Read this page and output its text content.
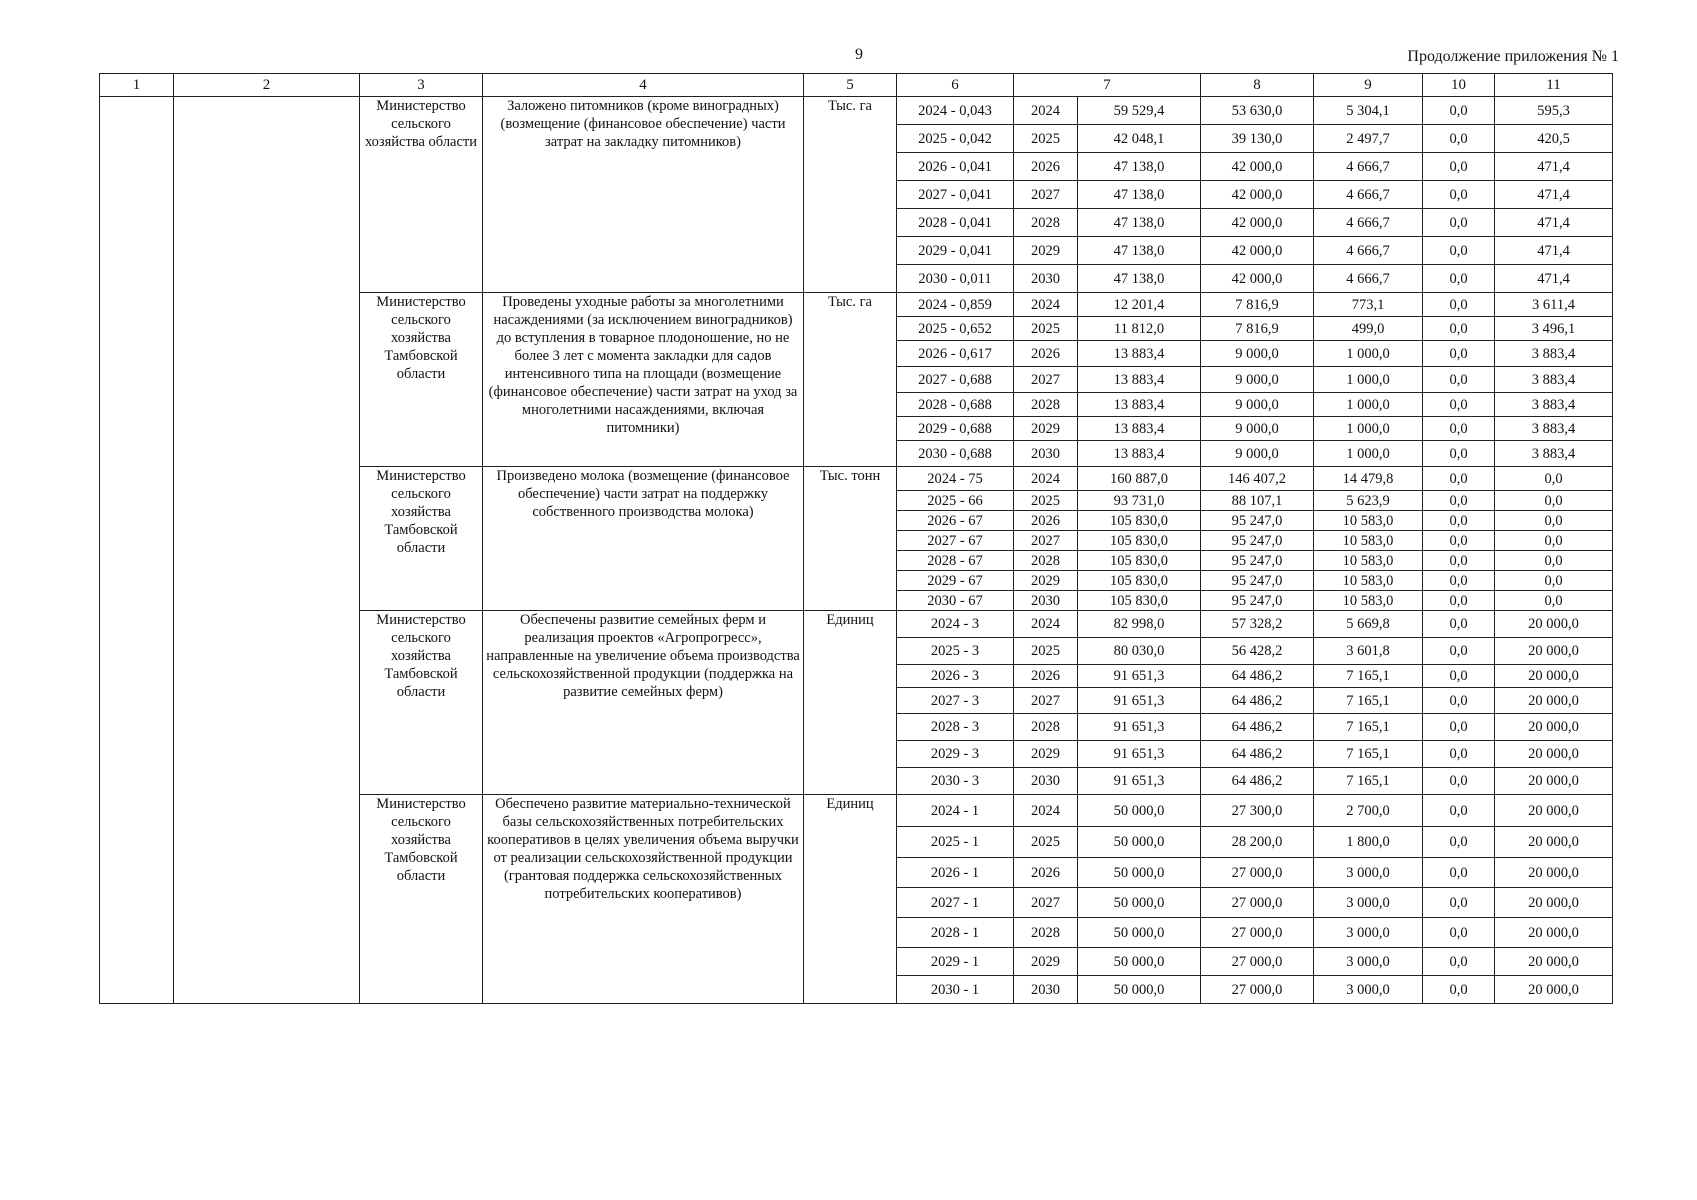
9	Продолжение приложения № 1
1	2	3	4	5	6	7		8	9	10	11
		Министерство сельского хозяйства области	Заложено питомников (кроме виноградных) (возмещение (финансовое обеспечение) части затрат на закладку питомников)	Тыс. га	2024 - 0,043	2024	59 529,4	53 630,0	5 304,1	0,0	595,3
					2025 - 0,042	2025	42 048,1	39 130,0	2 497,7	0,0	420,5
					2026 - 0,041	2026	47 138,0	42 000,0	4 666,7	0,0	471,4
					2027 - 0,041	2027	47 138,0	42 000,0	4 666,7	0,0	471,4
					2028 - 0,041	2028	47 138,0	42 000,0	4 666,7	0,0	471,4
					2029 - 0,041	2029	47 138,0	42 000,0	4 666,7	0,0	471,4
					2030 - 0,011	2030	47 138,0	42 000,0	4 666,7	0,0	471,4
		Министерство сельского хозяйства Тамбовской области	Проведены уходные работы за многолетними насаждениями (за исключением виноградников) до вступления в товарное плодоношение, но не более 3 лет с момента закладки для садов интенсивного типа на площади (возмещение (финансовое обеспечение) части затрат на уход за многолетними насаждениями, включая питомники)	Тыс. га	2024 - 0,859	2024	12 201,4	7 816,9	773,1	0,0	3 611,4
					2025 - 0,652	2025	11 812,0	7 816,9	499,0	0,0	3 496,1
					2026 - 0,617	2026	13 883,4	9 000,0	1 000,0	0,0	3 883,4
					2027 - 0,688	2027	13 883,4	9 000,0	1 000,0	0,0	3 883,4
					2028 - 0,688	2028	13 883,4	9 000,0	1 000,0	0,0	3 883,4
					2029 - 0,688	2029	13 883,4	9 000,0	1 000,0	0,0	3 883,4
					2030 - 0,688	2030	13 883,4	9 000,0	1 000,0	0,0	3 883,4
		Министерство сельского хозяйства Тамбовской области	Произведено молока (возмещение (финансовое обеспечение) части затрат на поддержку собственного производства молока)	Тыс. тонн	2024 - 75	2024	160 887,0	146 407,2	14 479,8	0,0	0,0
					2025 - 66	2025	93 731,0	88 107,1	5 623,9	0,0	0,0
					2026 - 67	2026	105 830,0	95 247,0	10 583,0	0,0	0,0
					2027 - 67	2027	105 830,0	95 247,0	10 583,0	0,0	0,0
					2028 - 67	2028	105 830,0	95 247,0	10 583,0	0,0	0,0
					2029 - 67	2029	105 830,0	95 247,0	10 583,0	0,0	0,0
					2030 - 67	2030	105 830,0	95 247,0	10 583,0	0,0	0,0
		Министерство сельского хозяйства Тамбовской области	Обеспечены развитие семейных ферм и реализация проектов «Агропрогресс», направленные на увеличение объема производства сельскохозяйственной продукции (поддержка на развитие семейных ферм)	Единиц	2024 - 3	2024	82 998,0	57 328,2	5 669,8	0,0	20 000,0
					2025 - 3	2025	80 030,0	56 428,2	3 601,8	0,0	20 000,0
					2026 - 3	2026	91 651,3	64 486,2	7 165,1	0,0	20 000,0
					2027 - 3	2027	91 651,3	64 486,2	7 165,1	0,0	20 000,0
					2028 - 3	2028	91 651,3	64 486,2	7 165,1	0,0	20 000,0
					2029 - 3	2029	91 651,3	64 486,2	7 165,1	0,0	20 000,0
					2030 - 3	2030	91 651,3	64 486,2	7 165,1	0,0	20 000,0
		Министерство сельского хозяйства Тамбовской области	Обеспечено развитие материально-технической базы сельскохозяйственных потребительских кооперативов в целях увеличения объема выручки от реализации сельскохозяйственной продукции (грантовая поддержка сельскохозяйственных потребительских кооперативов)	Единиц	2024 - 1	2024	50 000,0	27 300,0	2 700,0	0,0	20 000,0
					2025 - 1	2025	50 000,0	28 200,0	1 800,0	0,0	20 000,0
					2026 - 1	2026	50 000,0	27 000,0	3 000,0	0,0	20 000,0
					2027 - 1	2027	50 000,0	27 000,0	3 000,0	0,0	20 000,0
					2028 - 1	2028	50 000,0	27 000,0	3 000,0	0,0	20 000,0
					2029 - 1	2029	50 000,0	27 000,0	3 000,0	0,0	20 000,0
					2030 - 1	2030	50 000,0	27 000,0	3 000,0	0,0	20 000,0
